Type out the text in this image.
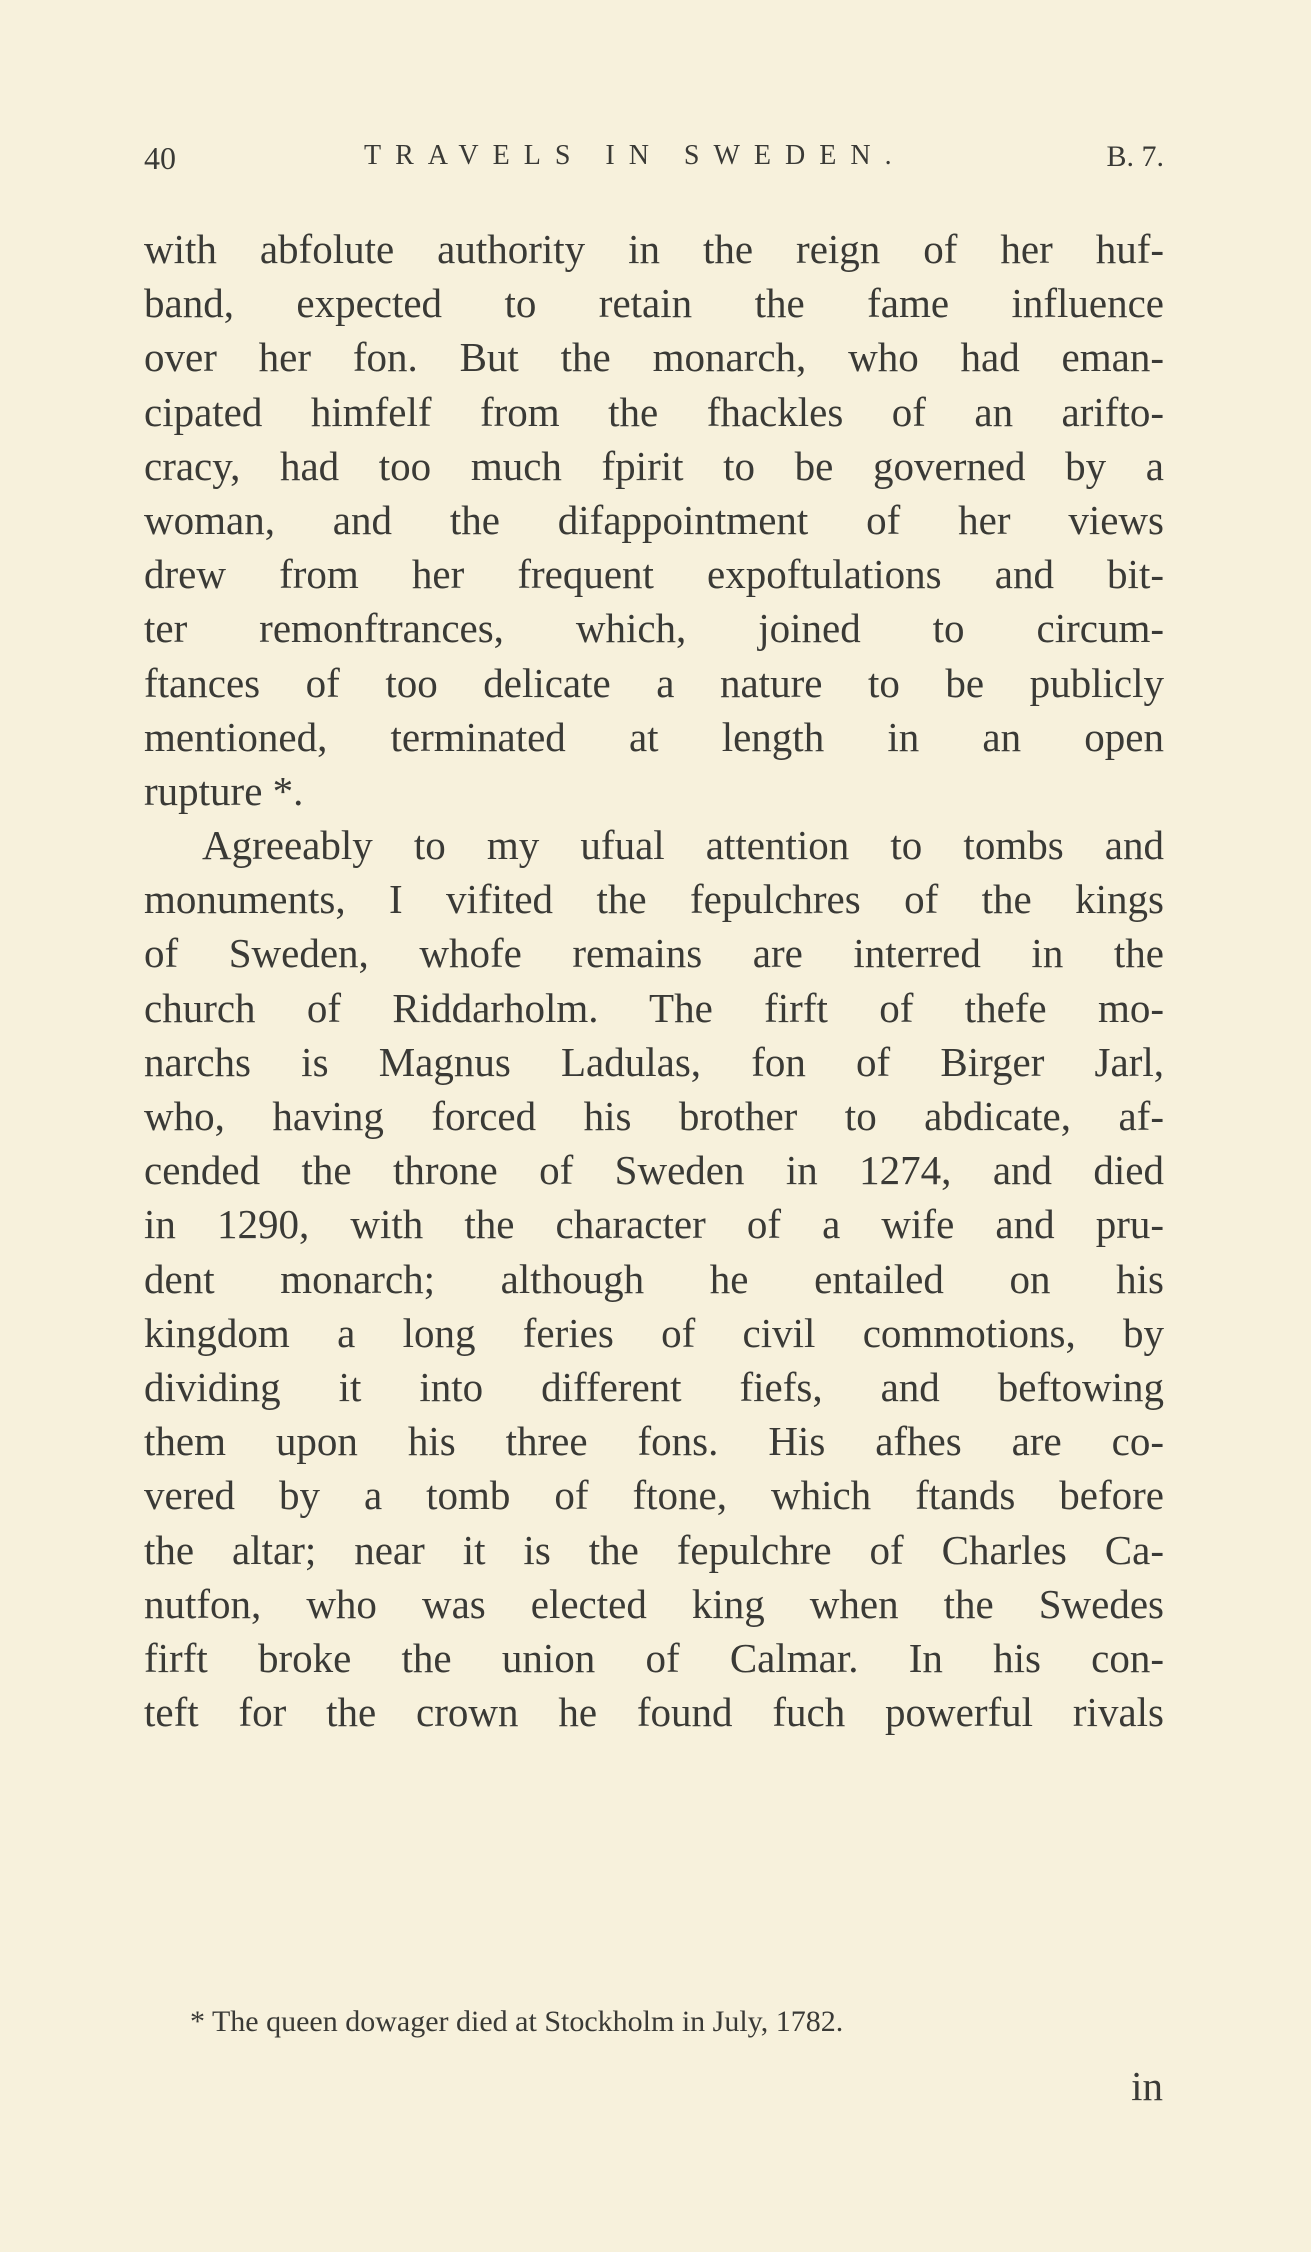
40	TRAVELS IN SWEDEN.	B. 7.
with abfolute authority in the reign of her huf-
band, expected to retain the fame influence
over her fon. But the monarch, who had eman-
cipated himfelf from the fhackles of an arifto-
cracy, had too much fpirit to be governed by a
woman, and the difappointment of her views
drew from her frequent expoftulations and bit-
ter remonftrances, which, joined to circum-
ftances of too delicate a nature to be publicly
mentioned, terminated at length in an open
rupture *.
Agreeably to my ufual attention to tombs and
monuments, I vifited the fepulchres of the kings
of Sweden, whofe remains are interred in the
church of Riddarholm. The firft of thefe mo-
narchs is Magnus Ladulas, fon of Birger Jarl,
who, having forced his brother to abdicate, af-
cended the throne of Sweden in 1274, and died
in 1290, with the character of a wife and pru-
dent monarch; although he entailed on his
kingdom a long feries of civil commotions, by
dividing it into different fiefs, and beftowing
them upon his three fons. His afhes are co-
vered by a tomb of ftone, which ftands before
the altar; near it is the fepulchre of Charles Ca-
nutfon, who was elected king when the Swedes
firft broke the union of Calmar. In his con-
teft for the crown he found fuch powerful rivals
* The queen dowager died at Stockholm in July, 1782.
in
